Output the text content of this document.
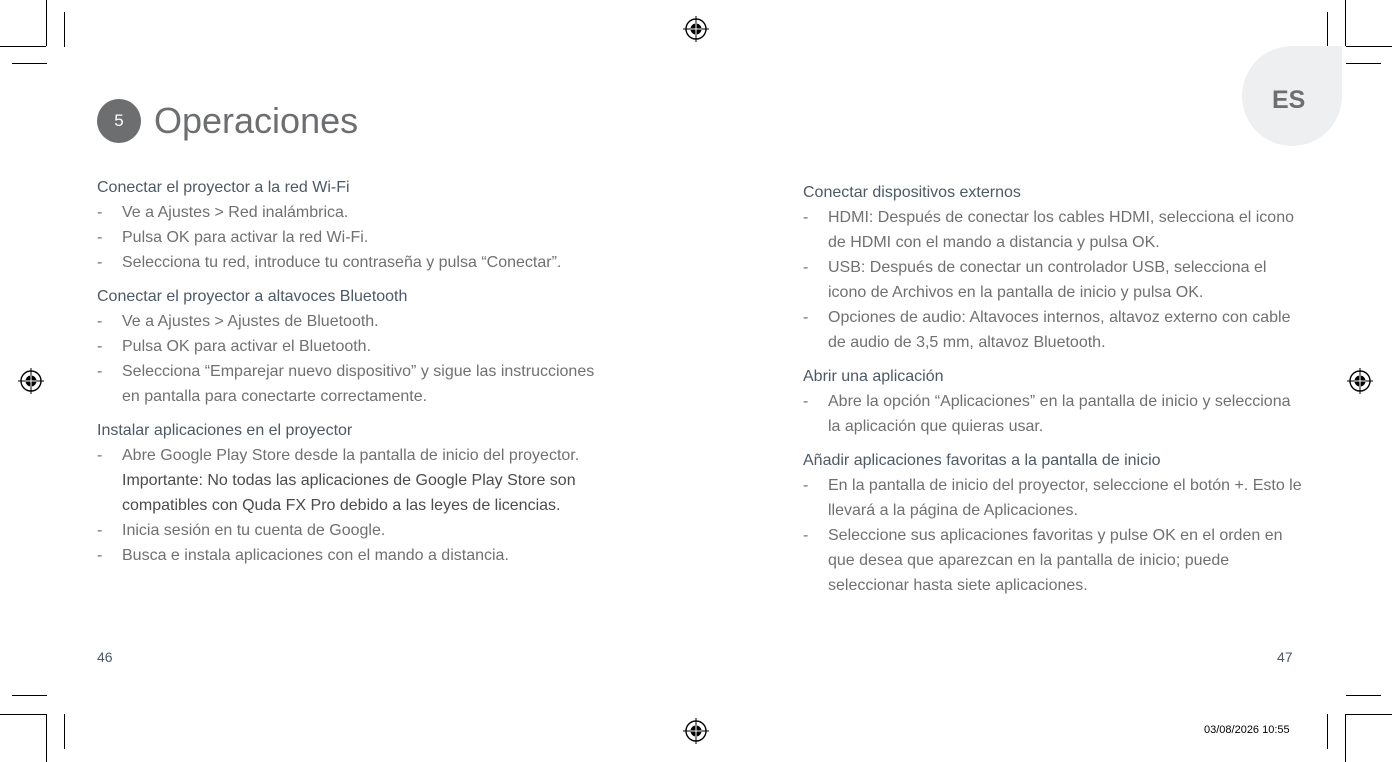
ES
5 Operaciones
Conectar el proyector a la red Wi-Fi
- Ve a Ajustes > Red inalámbrica.
- Pulsa OK para activar la red Wi-Fi.
- Selecciona tu red, introduce tu contraseña y pulsa “Conectar”.
Conectar el proyector a altavoces Bluetooth
- Ve a Ajustes > Ajustes de Bluetooth.
- Pulsa OK para activar el Bluetooth.
- Selecciona “Emparejar nuevo dispositivo” y sigue las instrucciones en pantalla para conectarte correctamente.
Instalar aplicaciones en el proyector
- Abre Google Play Store desde la pantalla de inicio del proyector. Importante: No todas las aplicaciones de Google Play Store son compatibles con Quda FX Pro debido a las leyes de licencias.
- Inicia sesión en tu cuenta de Google.
- Busca e instala aplicaciones con el mando a distancia.
Conectar dispositivos externos
- HDMI: Después de conectar los cables HDMI, selecciona el icono de HDMI con el mando a distancia y pulsa OK.
- USB: Después de conectar un controlador USB, selecciona el icono de Archivos en la pantalla de inicio y pulsa OK.
- Opciones de audio: Altavoces internos, altavoz externo con cable de audio de 3,5 mm, altavoz Bluetooth.
Abrir una aplicación
- Abre la opción “Aplicaciones” en la pantalla de inicio y selecciona la aplicación que quieras usar.
Añadir aplicaciones favoritas a la pantalla de inicio
- En la pantalla de inicio del proyector, seleccione el botón +. Esto le llevará a la página de Aplicaciones.
- Seleccione sus aplicaciones favoritas y pulse OK en el orden en que desea que aparezcan en la pantalla de inicio; puede seleccionar hasta siete aplicaciones.
46	47
03/08/2026 10:55
